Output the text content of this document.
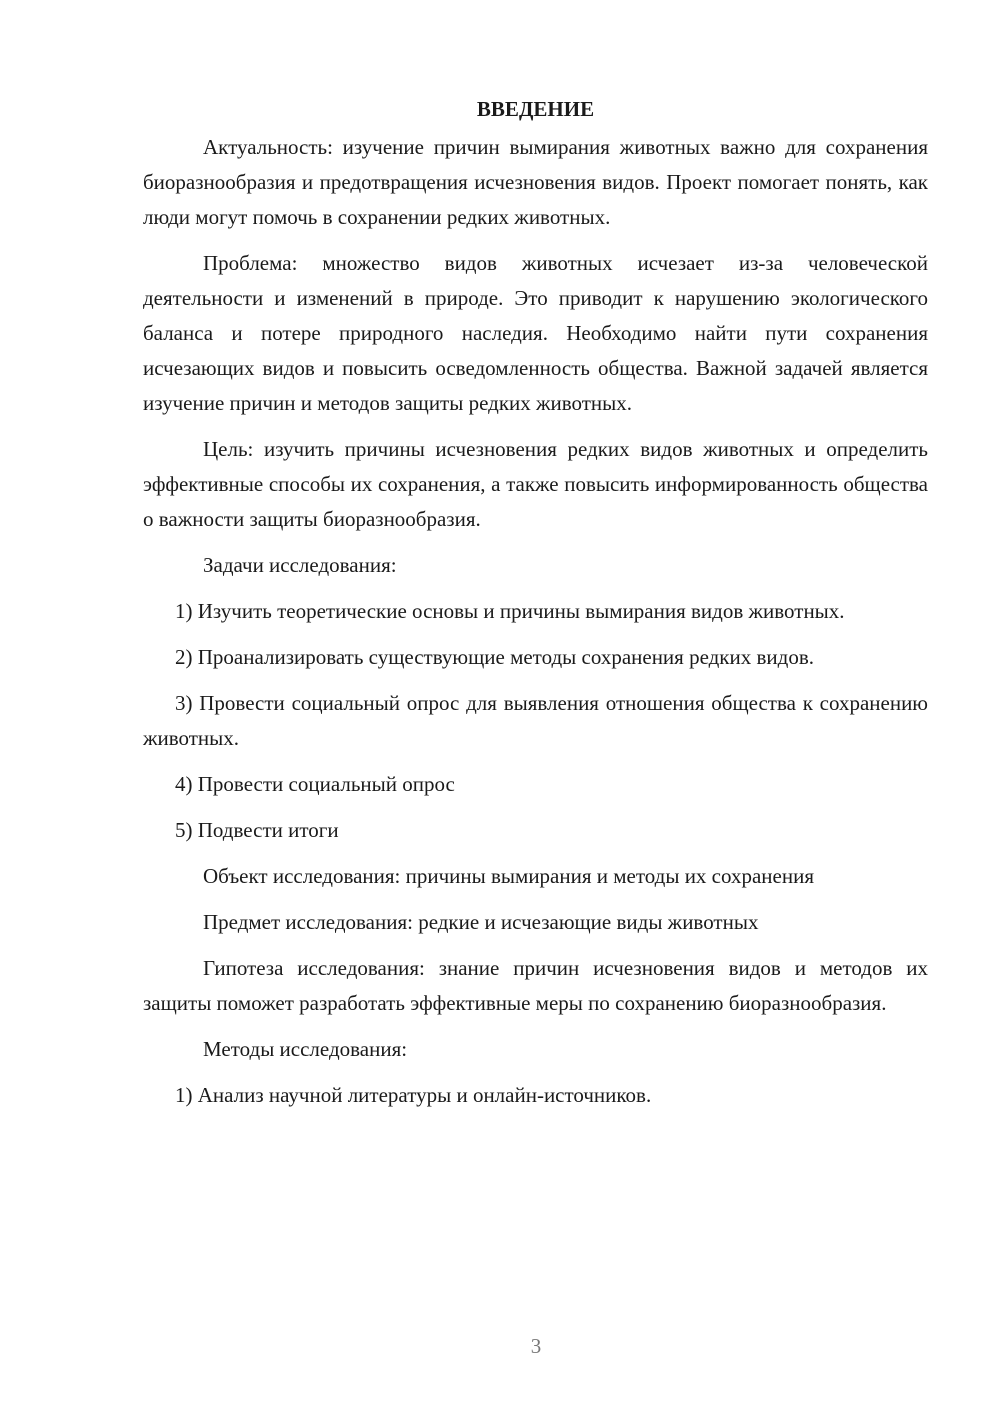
ВВЕДЕНИЕ

Актуальность: изучение причин вымирания животных важно для сохранения биоразнообразия и предотвращения исчезновения видов. Проект помогает понять, как люди могут помочь в сохранении редких животных.

Проблема: множество видов животных исчезает из-за человеческой деятельности и изменений в природе. Это приводит к нарушению экологического баланса и потере природного наследия. Необходимо найти пути сохранения исчезающих видов и повысить осведомленность общества. Важной задачей является изучение причин и методов защиты редких животных.

Цель: изучить причины исчезновения редких видов животных и определить эффективные способы их сохранения, а также повысить информированность общества о важности защиты биоразнообразия.

Задачи исследования:

1) Изучить теоретические основы и причины вымирания видов животных.

2) Проанализировать существующие методы сохранения редких видов.

3) Провести социальный опрос для выявления отношения общества к сохранению животных.

4) Провести социальный опрос

5) Подвести итоги

Объект исследования: причины вымирания и методы их сохранения

Предмет исследования: редкие и исчезающие виды животных

Гипотеза исследования: знание причин исчезновения видов и методов их защиты поможет разработать эффективные меры по сохранению биоразнообразия.

Методы исследования:

1) Анализ научной литературы и онлайн-источников.

3
